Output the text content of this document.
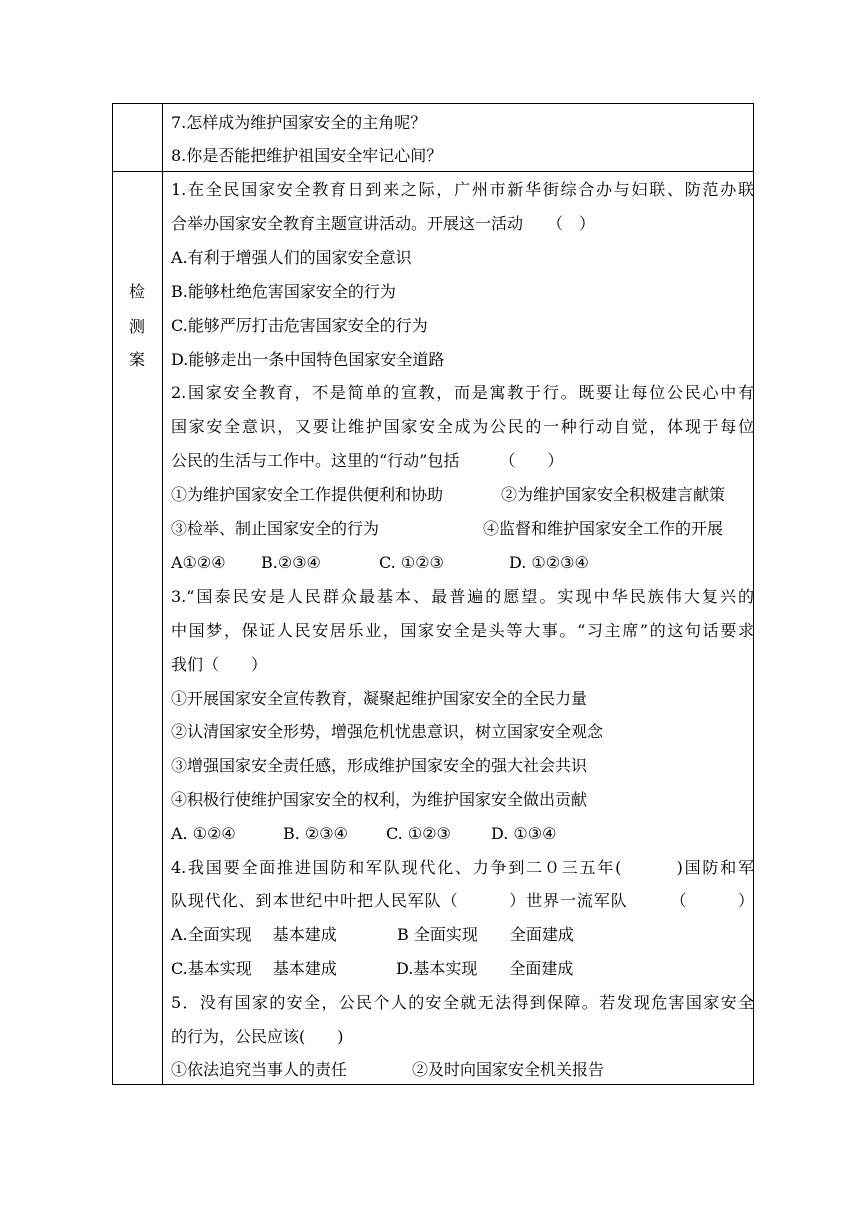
7.怎样成为维护国家安全的主角呢？
8.你是否能把维护祖国安全牢记心间？
检
测
案
1.在全民国家安全教育日到来之际，广州市新华街综合办与妇联、防范办联
合举办国家安全教育主题宣讲活动。开展这一活动　　（　）
A.有利于增强人们的国家安全意识
B.能够杜绝危害国家安全的行为
C.能够严厉打击危害国家安全的行为
D.能够走出一条中国特色国家安全道路
2.国家安全教育，不是简单的宣教，而是寓教于行。既要让每位公民心中有
国家安全意识，又要让维护国家安全成为公民的一种行动自觉，体现于每位
公民的生活与工作中。这里的“行动”包括　　　（　　）
①为维护国家安全工作提供便利和协助	②为维护国家安全积极建言献策
③检举、制止国家安全的行为	④监督和维护国家安全工作的开展
A①②④ B.②③④	C. ①②③	D. ①②③④
3.“国泰民安是人民群众最基本、最普遍的愿望。实现中华民族伟大复兴的
中国梦，保证人民安居乐业，国家安全是头等大事。“习主席”的这句话要求
我们（　　）
①开展国家安全宣传教育，凝聚起维护国家安全的全民力量
②认清国家安全形势，增强危机忧患意识，树立国家安全观念
③增强国家安全责任感，形成维护国家安全的强大社会共识
④积极行使维护国家安全的权利，为维护国家安全做出贡献
A. ①②④	B. ②③④ C. ①②③	D. ①③④
4.我国要全面推进国防和军队现代化、力争到二０三五年(　　　)国防和军
队现代化、到本世纪中叶把人民军队（　　　）世界一流军队　　　（　　　）
A.全面实现　 基本建成	B 全面实现　　全面建成
C.基本实现　 基本建成	D.基本实现　　全面建成
5．没有国家的安全，公民个人的安全就无法得到保障。若发现危害国家安全
的行为，公民应该(　　)
①依法追究当事人的责任	②及时向国家安全机关报告
